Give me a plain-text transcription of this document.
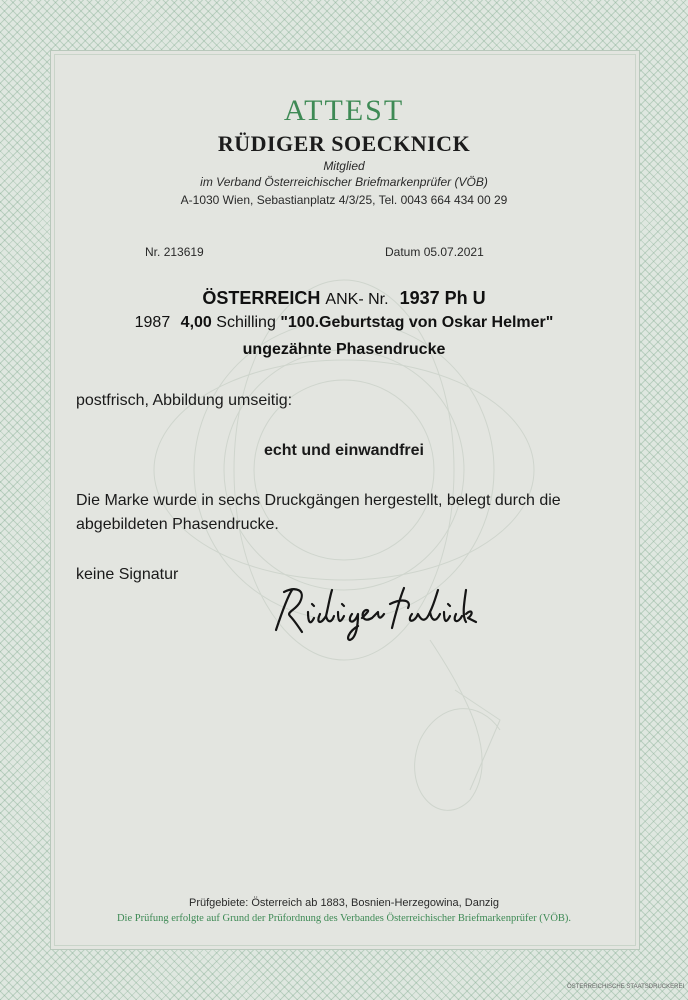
ATTEST
RÜDIGER SOECKNICK
Mitglied
im Verband Österreichischer Briefmarkenprüfer (VÖB)
A-1030 Wien, Sebastianplatz 4/3/25, Tel. 0043 664 434 00 29
Nr. 213619	Datum 05.07.2021
ÖSTERREICH ANK- Nr. 1937 Ph U
1987 4,00 Schilling "100.Geburtstag von Oskar Helmer"
ungezähnte Phasendrucke
postfrisch, Abbildung umseitig:
echt und einwandfrei
Die Marke wurde in sechs Druckgängen hergestellt, belegt durch die
abgebildeten Phasendrucke.
keine Signatur
Prüfgebiete: Österreich ab 1883, Bosnien-Herzegowina, Danzig
Die Prüfung erfolgte auf Grund der Prüfordnung des Verbandes Österreichischer Briefmarkenprüfer (VÖB).
ÖSTERREICHISCHE STAATSDRUCKEREI
